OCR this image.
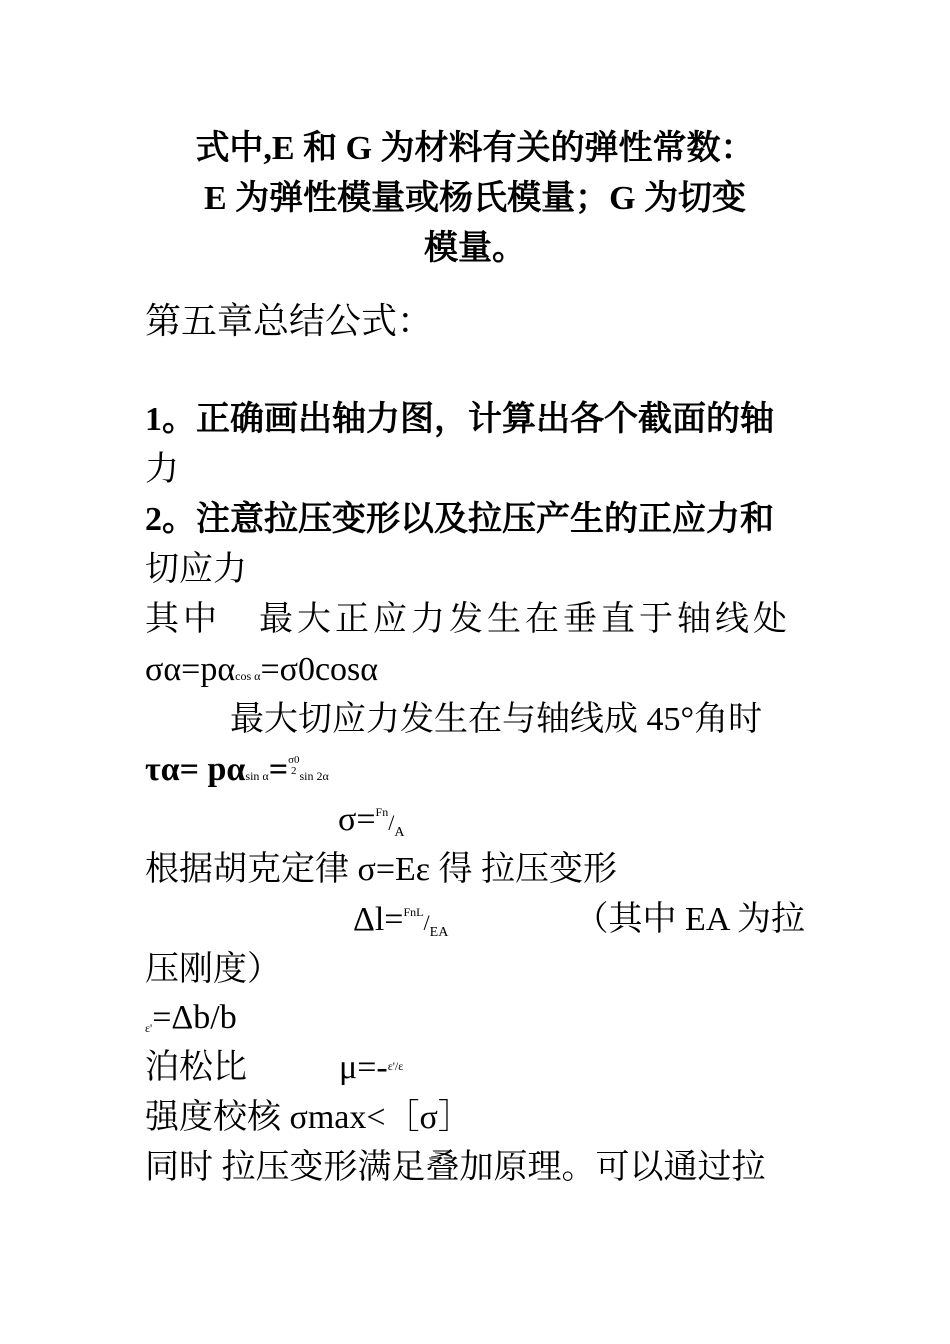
式中,E 和 G 为材料有关的弹性常数：
E 为弹性模量或杨氏模量；G 为切变
模量。
第五章总结公式：
1。正确画出轴力图，计算出各个截面的轴
力
2。注意拉压变形以及拉压产生的正应力和
切应力
其中　最大正应力发生在垂直于轴线处
σα=pαcos α=σ0cosα
最大切应力发生在与轴线成 45°角时
τα= pαsin α= σ0
2 sin 2α
$\sigma=^{Fn}/_A$
根据胡克定律 σ=Eε 得 拉压变形
$\Delta l=^{FnL}/_{EA}$	（其中 EA 为拉
压刚度）
ε'=Δb/b
泊松比	μ=-$^{\varepsilon'/\varepsilon}$
强度校核 σmax<［σ］
同时 拉压变形满足叠加原理。可以通过拉
